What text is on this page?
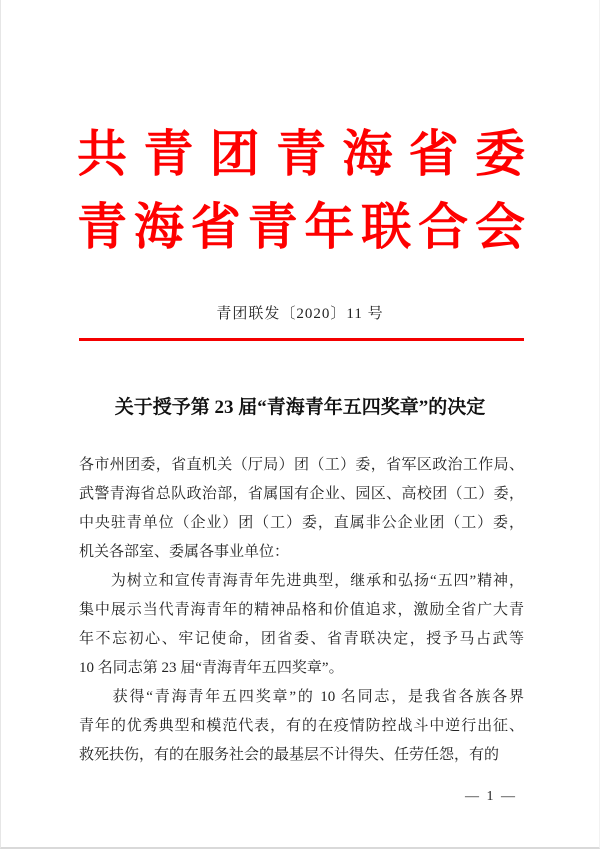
共青团青海省委
青海省青年联合会
青团联发〔2020〕11 号
关于授予第 23 届“青海青年五四奖章”的决定
各市州团委，省直机关（厅局）团（工）委，省军区政治工作局、
武警青海省总队政治部，省属国有企业、园区、高校团（工）委，
中央驻青单位（企业）团（工）委，直属非公企业团（工）委，
机关各部室、委属各事业单位：
　　为树立和宣传青海青年先进典型，继承和弘扬“五四”精神，
集中展示当代青海青年的精神品格和价值追求，激励全省广大青
年不忘初心、牢记使命，团省委、省青联决定，授予马占武等
10 名同志第 23 届“青海青年五四奖章”。
　　获得“青海青年五四奖章”的 10 名同志，是我省各族各界
青年的优秀典型和模范代表，有的在疫情防控战斗中逆行出征、
救死扶伤，有的在服务社会的最基层不计得失、任劳任怨，有的
— 1 —
